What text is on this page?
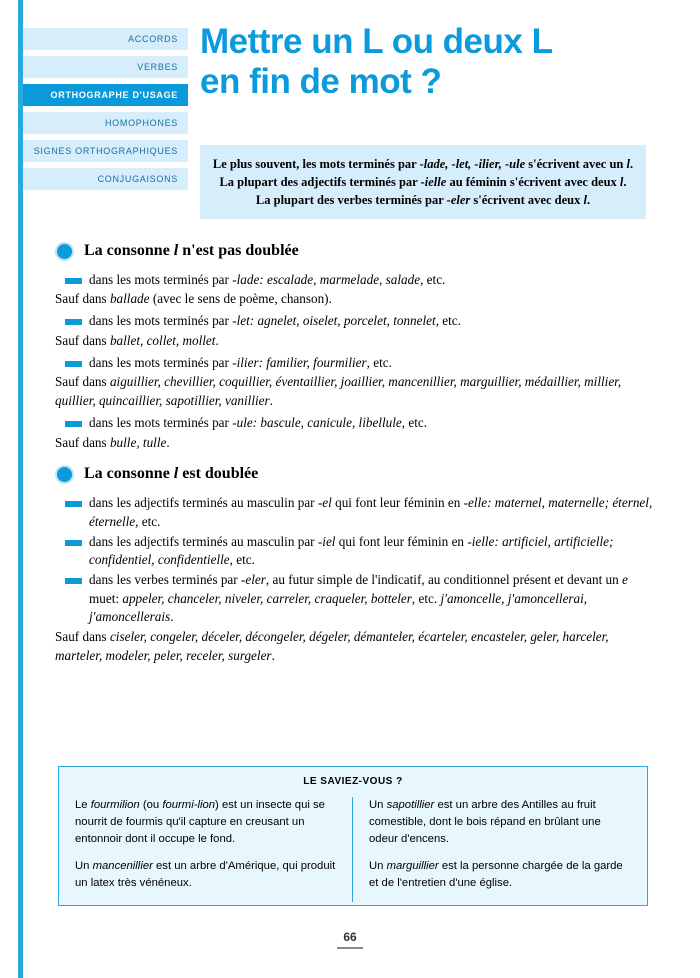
ACCORDS
VERBES
ORTHOGRAPHE D'USAGE
HOMOPHONES
SIGNES ORTHOGRAPHIQUES
CONJUGAISONS
Mettre un L ou deux L
en fin de mot ?
Le plus souvent, les mots terminés par -lade, -let, -ilier, -ule s'écrivent avec un l. La plupart des adjectifs terminés par -ielle au féminin s'écrivent avec deux l. La plupart des verbes terminés par -eler s'écrivent avec deux l.
La consonne l n'est pas doublée
dans les mots terminés par -lade: escalade, marmelade, salade, etc.
Sauf dans ballade (avec le sens de poème, chanson).
dans les mots terminés par -let: agnelet, oiselet, porcelet, tonnelet, etc.
Sauf dans ballet, collet, mollet.
dans les mots terminés par -ilier: familier, fourmilier, etc.
Sauf dans aiguillier, chevillier, coquillier, éventaillier, joaillier, mancenillier, marguillier, médaillier, millier, quillier, quincaillier, sapotillier, vanillier.
dans les mots terminés par -ule: bascule, canicule, libellule, etc.
Sauf dans bulle, tulle.
La consonne l est doublée
dans les adjectifs terminés au masculin par -el qui font leur féminin en -elle: maternel, maternelle; éternel, éternelle, etc.
dans les adjectifs terminés au masculin par -iel qui font leur féminin en -ielle: artificiel, artificielle; confidentiel, confidentielle, etc.
dans les verbes terminés par -eler, au futur simple de l'indicatif, au conditionnel présent et devant un e muet: appeler, chanceler, niveler, carreler, craqueler, botteler, etc. j'amoncelle, j'amoncellerai, j'amoncellerais.
Sauf dans ciseler, congeler, déceler, décongeler, dégeler, démanteler, écarteler, encasteler, geler, harceler, marteler, modeler, peler, receler, surgeler.
LE SAVIEZ-VOUS ?

Le fourmilion (ou fourmi-lion) est un insecte qui se nourrit de fourmis qu'il capture en creusant un entonnoir dont il occupe le fond.

Un mancenillier est un arbre d'Amérique, qui produit un latex très vénéneux.

Un sapotillier est un arbre des Antilles au fruit comestible, dont le bois répand en brûlant une odeur d'encens.

Un marguillier est la personne chargée de la garde et de l'entretien d'une église.

66
